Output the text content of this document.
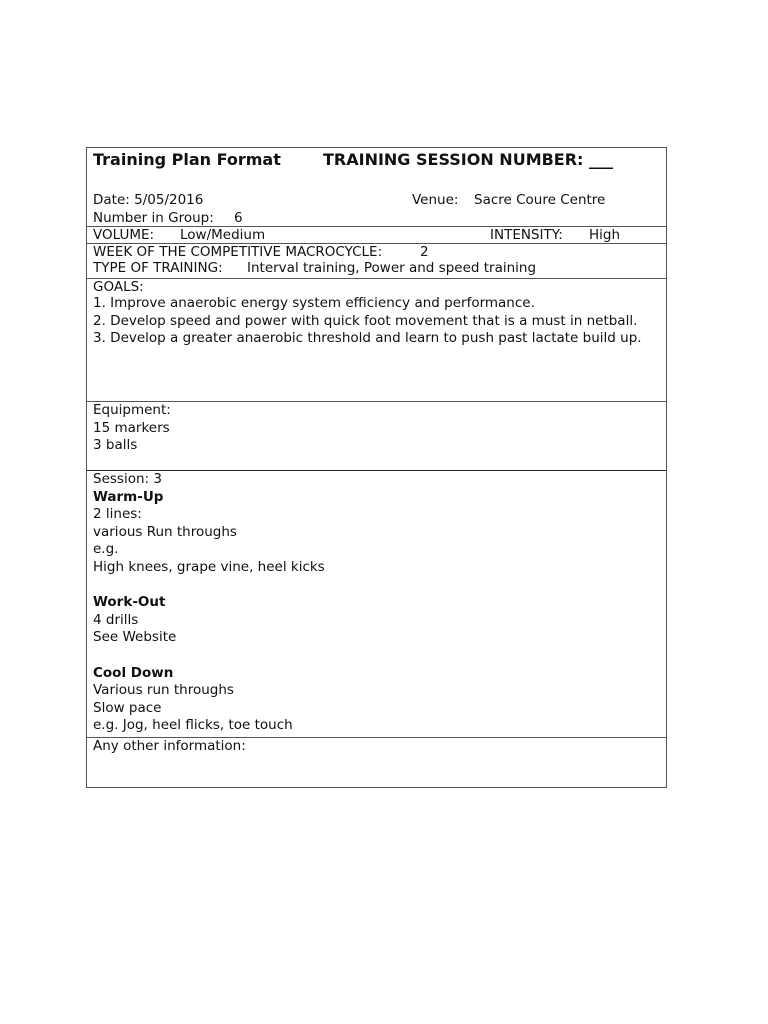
Training Plan Format	TRAINING SESSION NUMBER: ___
Date: 5/05/2016	Venue: Sacre Coure Centre
Number in Group: 6
VOLUME: Low/Medium	INTENSITY: High
WEEK OF THE COMPETITIVE MACROCYCLE:	2
TYPE OF TRAINING: Interval training, Power and speed training
GOALS:
1. Improve anaerobic energy system efficiency and performance.
2. Develop speed and power with quick foot movement that is a must in netball.
3. Develop a greater anaerobic threshold and learn to push past lactate build up.
Equipment:
15 markers
3 balls
Session: 3
Warm-Up
2 lines:
various Run throughs
e.g.
High knees, grape vine, heel kicks
Work-Out
4 drills
See Website
Cool Down
Various run throughs
Slow pace
e.g. Jog, heel flicks, toe touch
Any other information:
